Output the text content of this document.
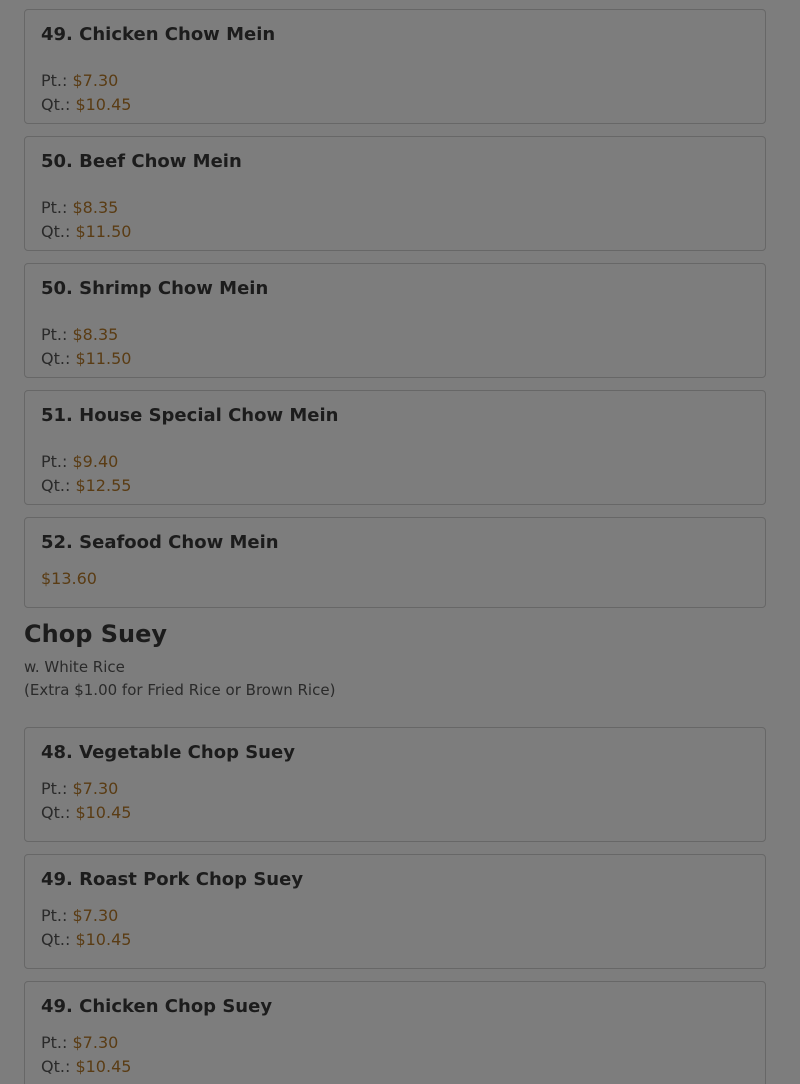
49. Chicken Chow Mein
Pt.: $7.30
Qt.: $10.45
50. Beef Chow Mein
Pt.: $8.35
Qt.: $11.50
50. Shrimp Chow Mein
Pt.: $8.35
Qt.: $11.50
51. House Special Chow Mein
Pt.: $9.40
Qt.: $12.55
52. Seafood Chow Mein
$13.60
Chop Suey
w. White Rice
(Extra $1.00 for Fried Rice or Brown Rice)
48. Vegetable Chop Suey
Pt.: $7.30
Qt.: $10.45
49. Roast Pork Chop Suey
Pt.: $7.30
Qt.: $10.45
49. Chicken Chop Suey
Pt.: $7.30
Qt.: $10.45
